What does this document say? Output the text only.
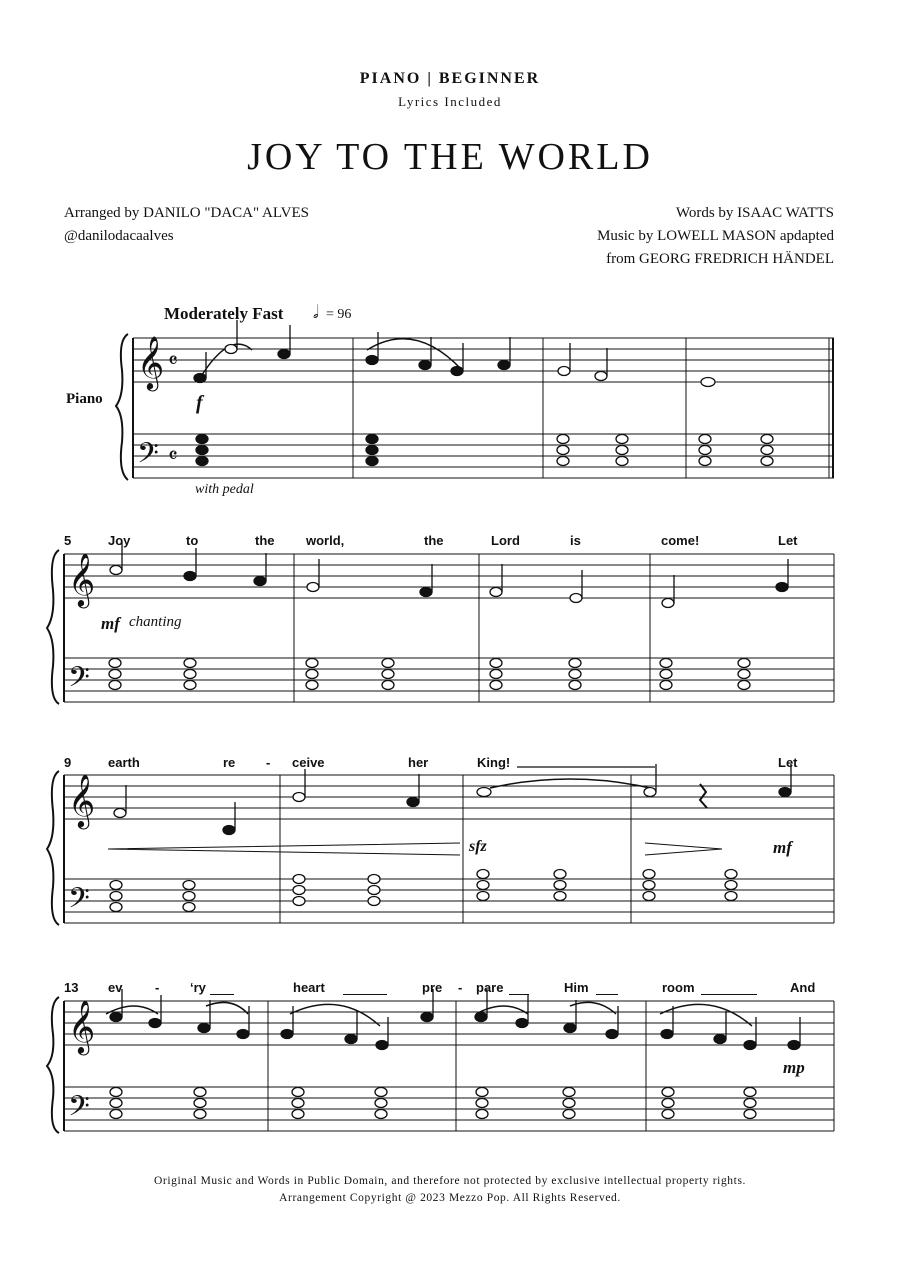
PIANO | BEGINNER
Lyrics Included
JOY TO THE WORLD
Arranged by DANILO "DACA" ALVES
@danilodacaalves
Words by ISAAC WATTS
Music by LOWELL MASON apdapted
from GEORG FREDRICH HÄNDEL
Moderately Fast 𝅗𝅥 = 96
Piano
𝄞
𝄢
𝄴
𝄴
𝄞
𝄢
𝄞
𝄢
𝄞
𝄢
f
with pedal
5	Joy	to	the world,	the	Lord	is	come!	Let
mf chanting
9	earth	re - ceive	her	King!	Let
sfz	mf
13 ev	- ‘ry	heart	pre - pare	Him	room	And
mp
Original Music and Words in Public Domain, and therefore not protected by exclusive intellectual property rights.
Arrangement Copyright @ 2023 Mezzo Pop. All Rights Reserved.
